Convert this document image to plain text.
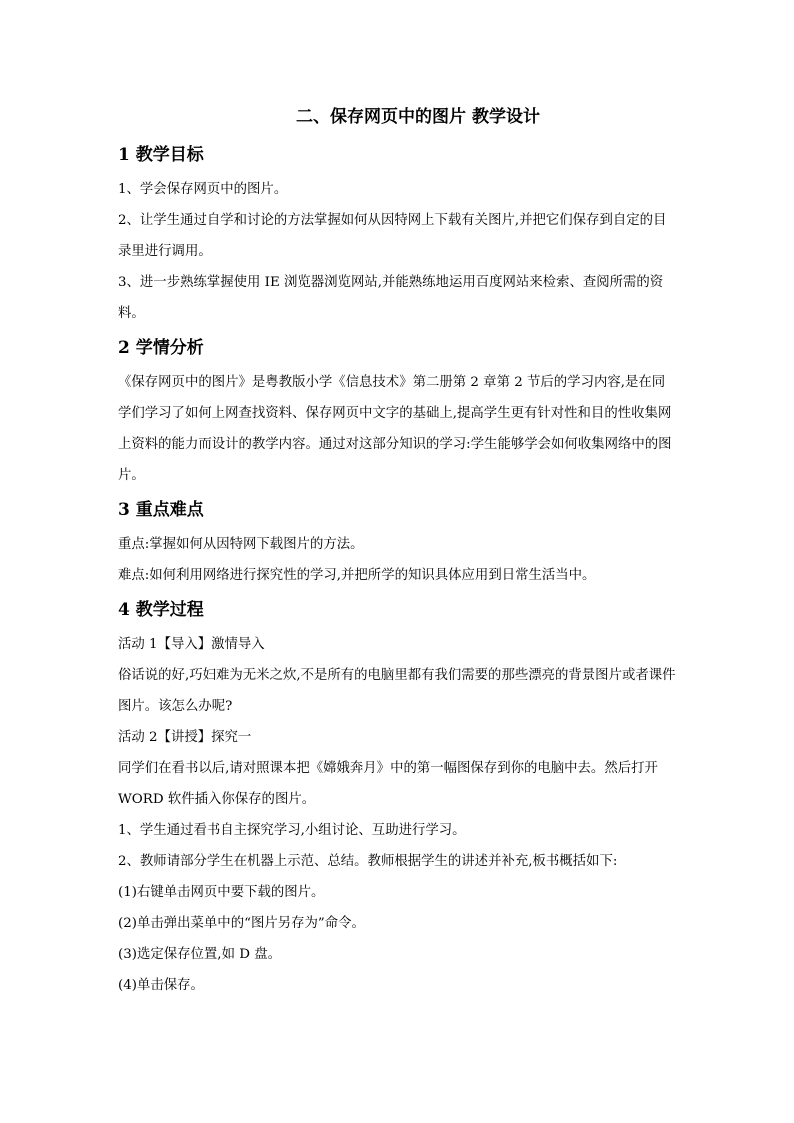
二、保存网页中的图片 教学设计
1 教学目标

1、学会保存网页中的图片。

2、让学生通过自学和讨论的方法掌握如何从因特网上下载有关图片,并把它们保存到自定的目录里进行调用。

3、进一步熟练掌握使用 IE 浏览器浏览网站,并能熟练地运用百度网站来检索、查阅所需的资料。

2 学情分析

《保存网页中的图片》是粤教版小学《信息技术》第二册第 2 章第 2 节后的学习内容,是在同学们学习了如何上网查找资料、保存网页中文字的基础上,提高学生更有针对性和目的性收集网上资料的能力而设计的教学内容。通过对这部分知识的学习:学生能够学会如何收集网络中的图片。

3 重点难点

重点:掌握如何从因特网下载图片的方法。

难点:如何利用网络进行探究性的学习,并把所学的知识具体应用到日常生活当中。

4 教学过程

活动 1【导入】激情导入

俗话说的好,巧妇难为无米之炊,不是所有的电脑里都有我们需要的那些漂亮的背景图片或者课件图片。该怎么办呢?

活动 2【讲授】探究一

同学们在看书以后,请对照课本把《嫦娥奔月》中的第一幅图保存到你的电脑中去。然后打开 WORD 软件插入你保存的图片。

1、学生通过看书自主探究学习,小组讨论、互助进行学习。

2、教师请部分学生在机器上示范、总结。教师根据学生的讲述并补充,板书概括如下:

(1)右键单击网页中要下载的图片。

(2)单击弹出菜单中的“图片另存为”命令。

(3)选定保存位置,如 D 盘。

(4)单击保存。
